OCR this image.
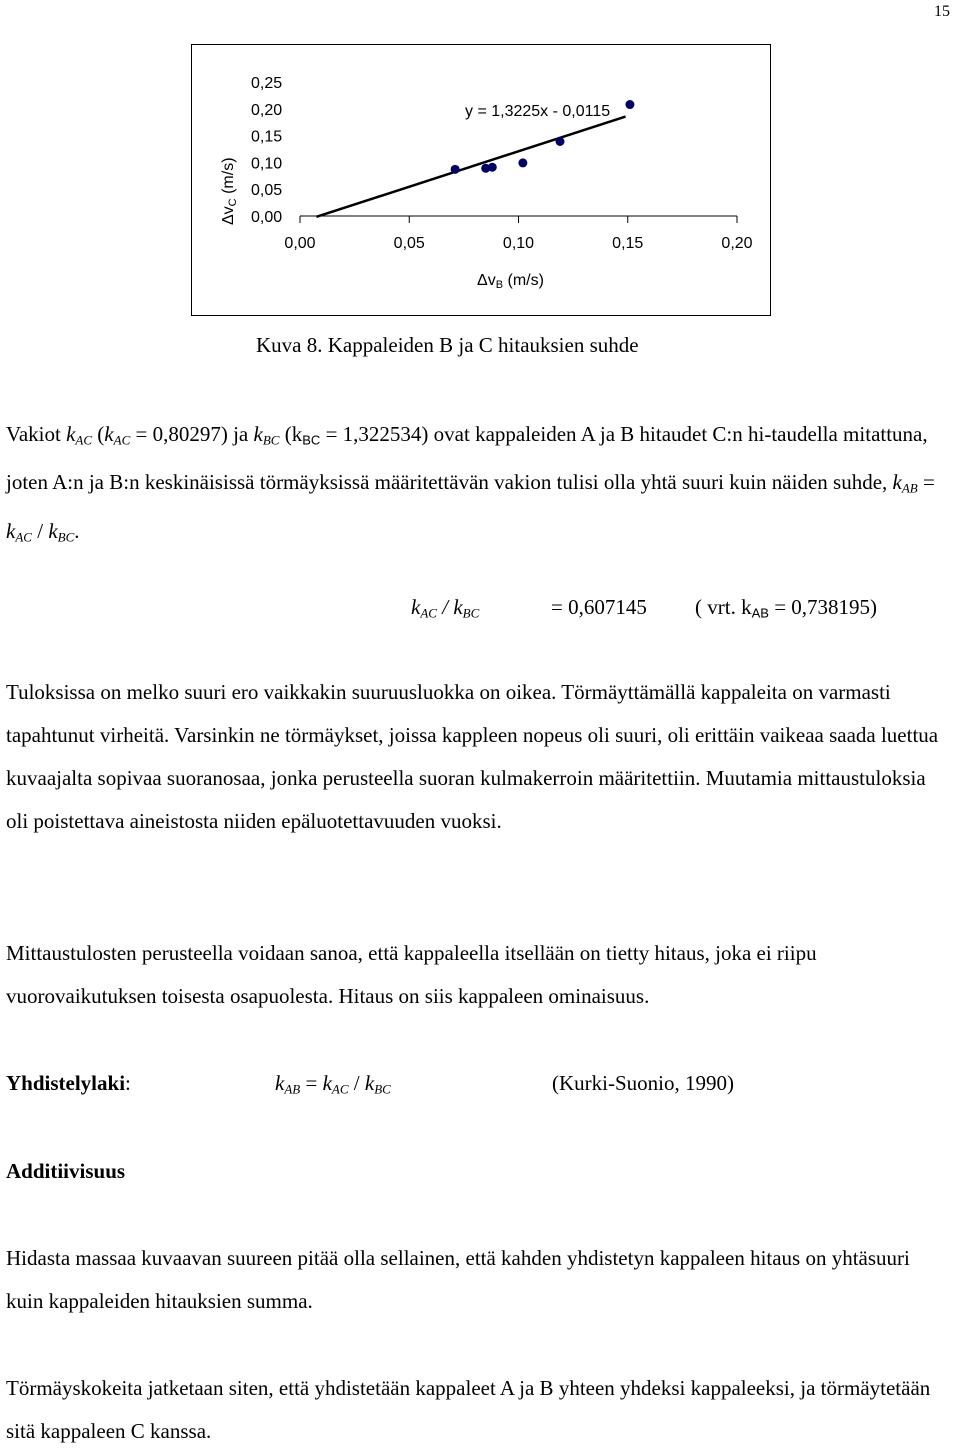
15
0,25
0,20
0,15
0,10
0,05
0,00
0,00	0,05	0,10	0,15	0,20
y = 1,3225x - 0,0115
ΔvC (m/s)
ΔvB (m/s)
Kuva 8. Kappaleiden B ja C hitauksien suhde

Vakiot $k_{AC}$ $(k_{AC} = 0,80297)$ ja $k_{BC}$ $(k_{BC} = 1,322534)$ ovat kappaleiden A ja B hitaudet C:n hi-taudella mitattuna, joten A:n ja B:n keskinäisissä törmäyksissä määritettävän vakion tulisi olla yhtä suuri kuin näiden suhde, $k_{AB} = k_{AC} / k_{BC}$.

$k_{AC} / k_{BC}$	= 0,607145 ( vrt. $k_{AB} = 0,738195$)

Tuloksissa on melko suuri ero vaikkakin suuruusluokka on oikea. Törmäyttämällä kappaleita on varmasti tapahtunut virheitä. Varsinkin ne törmäykset, joissa kappleen nopeus oli suuri, oli erittäin vaikeaa saada luettua kuvaajalta sopivaa suoranosaa, jonka perusteella suoran kulmakerroin määritettiin. Muutamia mittaustuloksia oli poistettava aineistosta niiden epäluotettavuuden vuoksi.

Mittaustulosten perusteella voidaan sanoa, että kappaleella itsellään on tietty hitaus, joka ei riipu vuorovaikutuksen toisesta osapuolesta. Hitaus on siis kappaleen ominaisuus.

Yhdistelylaki:	$k_{AB} = k_{AC} / k_{BC}$	(Kurki-Suonio, 1990)
Additiivisuus

Hidasta massaa kuvaavan suureen pitää olla sellainen, että kahden yhdistetyn kappaleen hitaus on yhtäsuuri kuin kappaleiden hitauksien summa.

Törmäyskokeita jatketaan siten, että yhdistetään kappaleet A ja B yhteen yhdeksi kappaleeksi, ja törmäytetään sitä kappaleen C kanssa.
